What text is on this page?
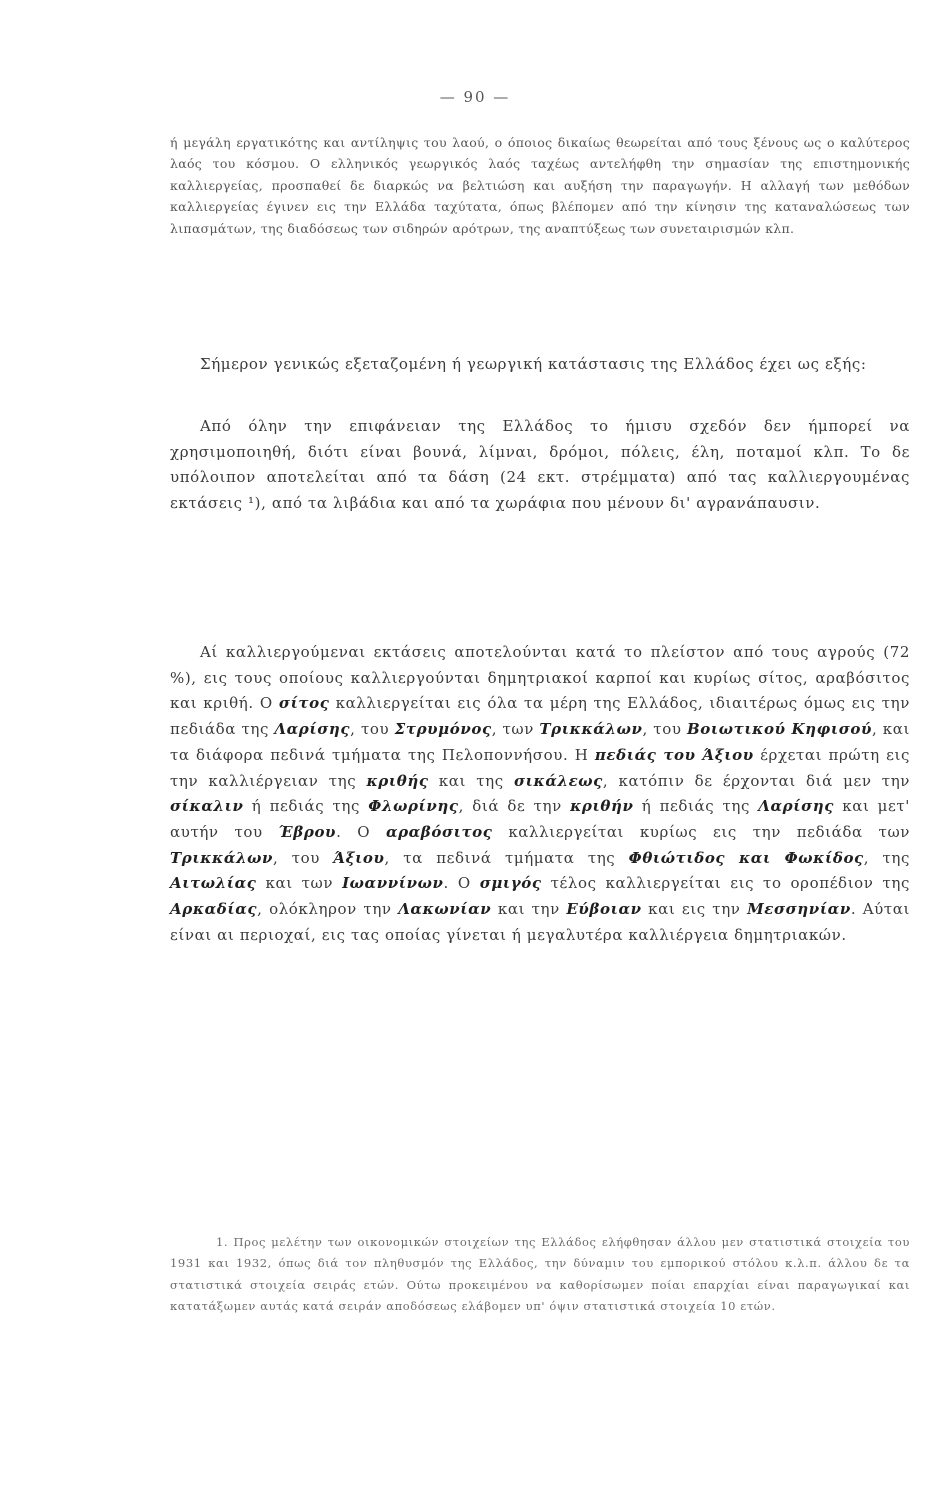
— 90 —
ή μεγάλη εργατικότης και αντίληψις του λαού, ο όποιος δικαίως θεωρείται από τους ξένους ως ο καλύτερος λαός του κόσμου. Ο ελληνικός γεωργικός λαός ταχέως αντελήφθη την σημασίαν της επιστημονικής καλλιεργείας, προσπαθεί δε διαρκώς να βελτιώση και αυξήση την παραγωγήν. Η αλλαγή των μεθόδων καλλιεργείας έγινεν εις την Ελλάδα ταχύτατα, όπως βλέπομεν από την κίνησιν της καταναλώσεως των λιπασμάτων, της διαδόσεως των σιδηρών αρότρων, της αναπτύξεως των συνεταιρισμών κλπ.
Σήμερον γενικώς εξεταζομένη ή γεωργική κατάστασις της Ελλάδος έχει ως εξής:
Από όλην την επιφάνειαν της Ελλάδος το ήμισυ σχεδόν δεν ήμπορεί να χρησιμοποιηθή, διότι είναι βουνά, λίμναι, δρόμοι, πόλεις, έλη, ποταμοί κλπ. Το δε υπόλοιπον αποτελείται από τα δάση (24 εκτ. στρέμματα) από τας καλλιεργουμένας εκτάσεις ¹), από τα λιβάδια και από τα χωράφια που μένουν δι' αγρανάπαυσιν.
Αί καλλιεργούμεναι εκτάσεις αποτελούνται κατά το πλείστον από τους αγρούς (72 %), εις τους οποίους καλλιεργούνται δημητριακοί καρποί και κυρίως σίτος, αραβόσιτος και κριθή. Ο σίτος καλλιεργείται εις όλα τα μέρη της Ελλάδος, ιδιαιτέρως όμως εις την πεδιάδα της Λαρίσης, του Στρυμόνος, των Τρικκάλων, του Βοιωτικού Κηφισού, και τα διάφορα πεδινά τμήματα της Πελοποννήσου. Η πεδιάς του Άξιου έρχεται πρώτη εις την καλλιέργειαν της κριθής και της σικάλεως, κατόπιν δε έρχονται διά μεν την σίκαλιν ή πεδιάς της Φλωρίνης, διά δε την κριθήν ή πεδιάς της Λαρίσης και μετ' αυτήν του Έβρου. Ο αραβόσιτος καλλιεργείται κυρίως εις την πεδιάδα των Τρικκάλων, του Άξιου, τα πεδινά τμήματα της Φθιώτιδος και Φωκίδος, της Αιτωλίας και των Ιωαννίνων. Ο σμιγός τέλος καλλιεργείται εις το οροπέδιον της Αρκαδίας, ολόκληρον την Λακωνίαν και την Εύβοιαν και εις την Μεσσηνίαν. Αύται είναι αι περιοχαί, εις τας οποίας γίνεται ή μεγαλυτέρα καλλιέργεια δημητριακών.
1. Προς μελέτην των οικονομικών στοιχείων της Ελλάδος ελήφθησαν άλλου μεν στατιστικά στοιχεία του 1931 και 1932, όπως διά τον πληθυσμόν της Ελλάδος, την δύναμιν του εμπορικού στόλου κ.λ.π. άλλου δε τα στατιστικά στοιχεία σειράς ετών. Ούτω προκειμένου να καθορίσωμεν ποίαι επαρχίαι είναι παραγωγικαί και κατατάξωμεν αυτάς κατά σειράν αποδόσεως ελάβομεν υπ' όψιν στατιστικά στοιχεία 10 ετών.
